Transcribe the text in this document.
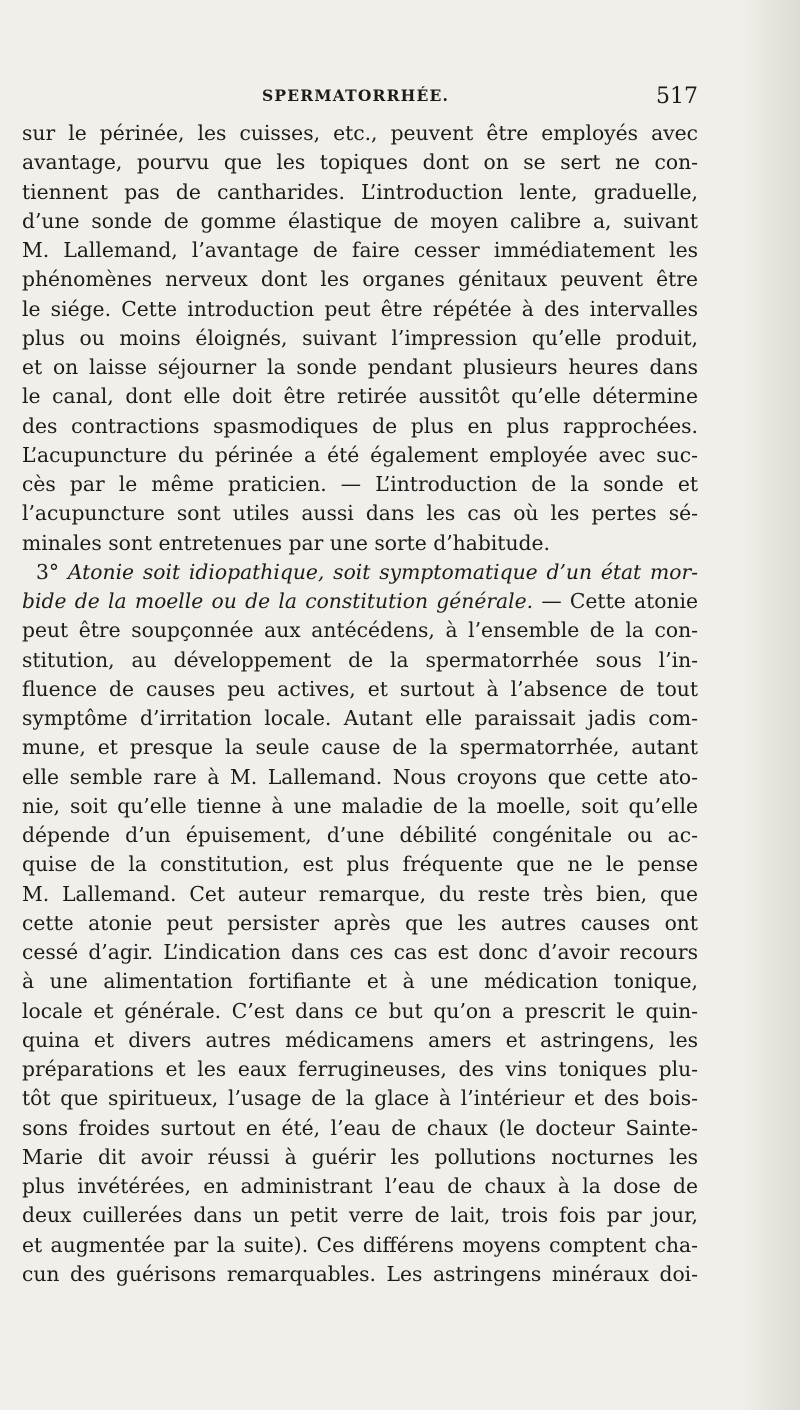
SPERMATORRHÉE.	517
sur le périnée, les cuisses, etc., peuvent être employés avec
avantage, pourvu que les topiques dont on se sert ne con-
tiennent pas de cantharides. L’introduction lente, graduelle,
d’une sonde de gomme élastique de moyen calibre a, suivant
M. Lallemand, l’avantage de faire cesser immédiatement les
phénomènes nerveux dont les organes génitaux peuvent être
le siége. Cette introduction peut être répétée à des intervalles
plus ou moins éloignés, suivant l’impression qu’elle produit,
et on laisse séjourner la sonde pendant plusieurs heures dans
le canal, dont elle doit être retirée aussitôt qu’elle détermine
des contractions spasmodiques de plus en plus rapprochées.
L’acupuncture du périnée a été également employée avec suc-
cès par le même praticien. — L’introduction de la sonde et
l’acupuncture sont utiles aussi dans les cas où les pertes sé-
minales sont entretenues par une sorte d’habitude.
3° Atonie soit idiopathique, soit symptomatique d’un état mor-
bide de la moelle ou de la constitution générale. — Cette atonie
peut être soupçonnée aux antécédens, à l’ensemble de la con-
stitution, au développement de la spermatorrhée sous l’in-
fluence de causes peu actives, et surtout à l’absence de tout
symptôme d’irritation locale. Autant elle paraissait jadis com-
mune, et presque la seule cause de la spermatorrhée, autant
elle semble rare à M. Lallemand. Nous croyons que cette ato-
nie, soit qu’elle tienne à une maladie de la moelle, soit qu’elle
dépende d’un épuisement, d’une débilité congénitale ou ac-
quise de la constitution, est plus fréquente que ne le pense
M. Lallemand. Cet auteur remarque, du reste très bien, que
cette atonie peut persister après que les autres causes ont
cessé d’agir. L’indication dans ces cas est donc d’avoir recours
à une alimentation fortifiante et à une médication tonique,
locale et générale. C’est dans ce but qu’on a prescrit le quin-
quina et divers autres médicamens amers et astringens, les
préparations et les eaux ferrugineuses, des vins toniques plu-
tôt que spiritueux, l’usage de la glace à l’intérieur et des bois-
sons froides surtout en été, l’eau de chaux (le docteur Sainte-
Marie dit avoir réussi à guérir les pollutions nocturnes les
plus invétérées, en administrant l’eau de chaux à la dose de
deux cuillerées dans un petit verre de lait, trois fois par jour,
et augmentée par la suite). Ces différens moyens comptent cha-
cun des guérisons remarquables. Les astringens minéraux doi-
